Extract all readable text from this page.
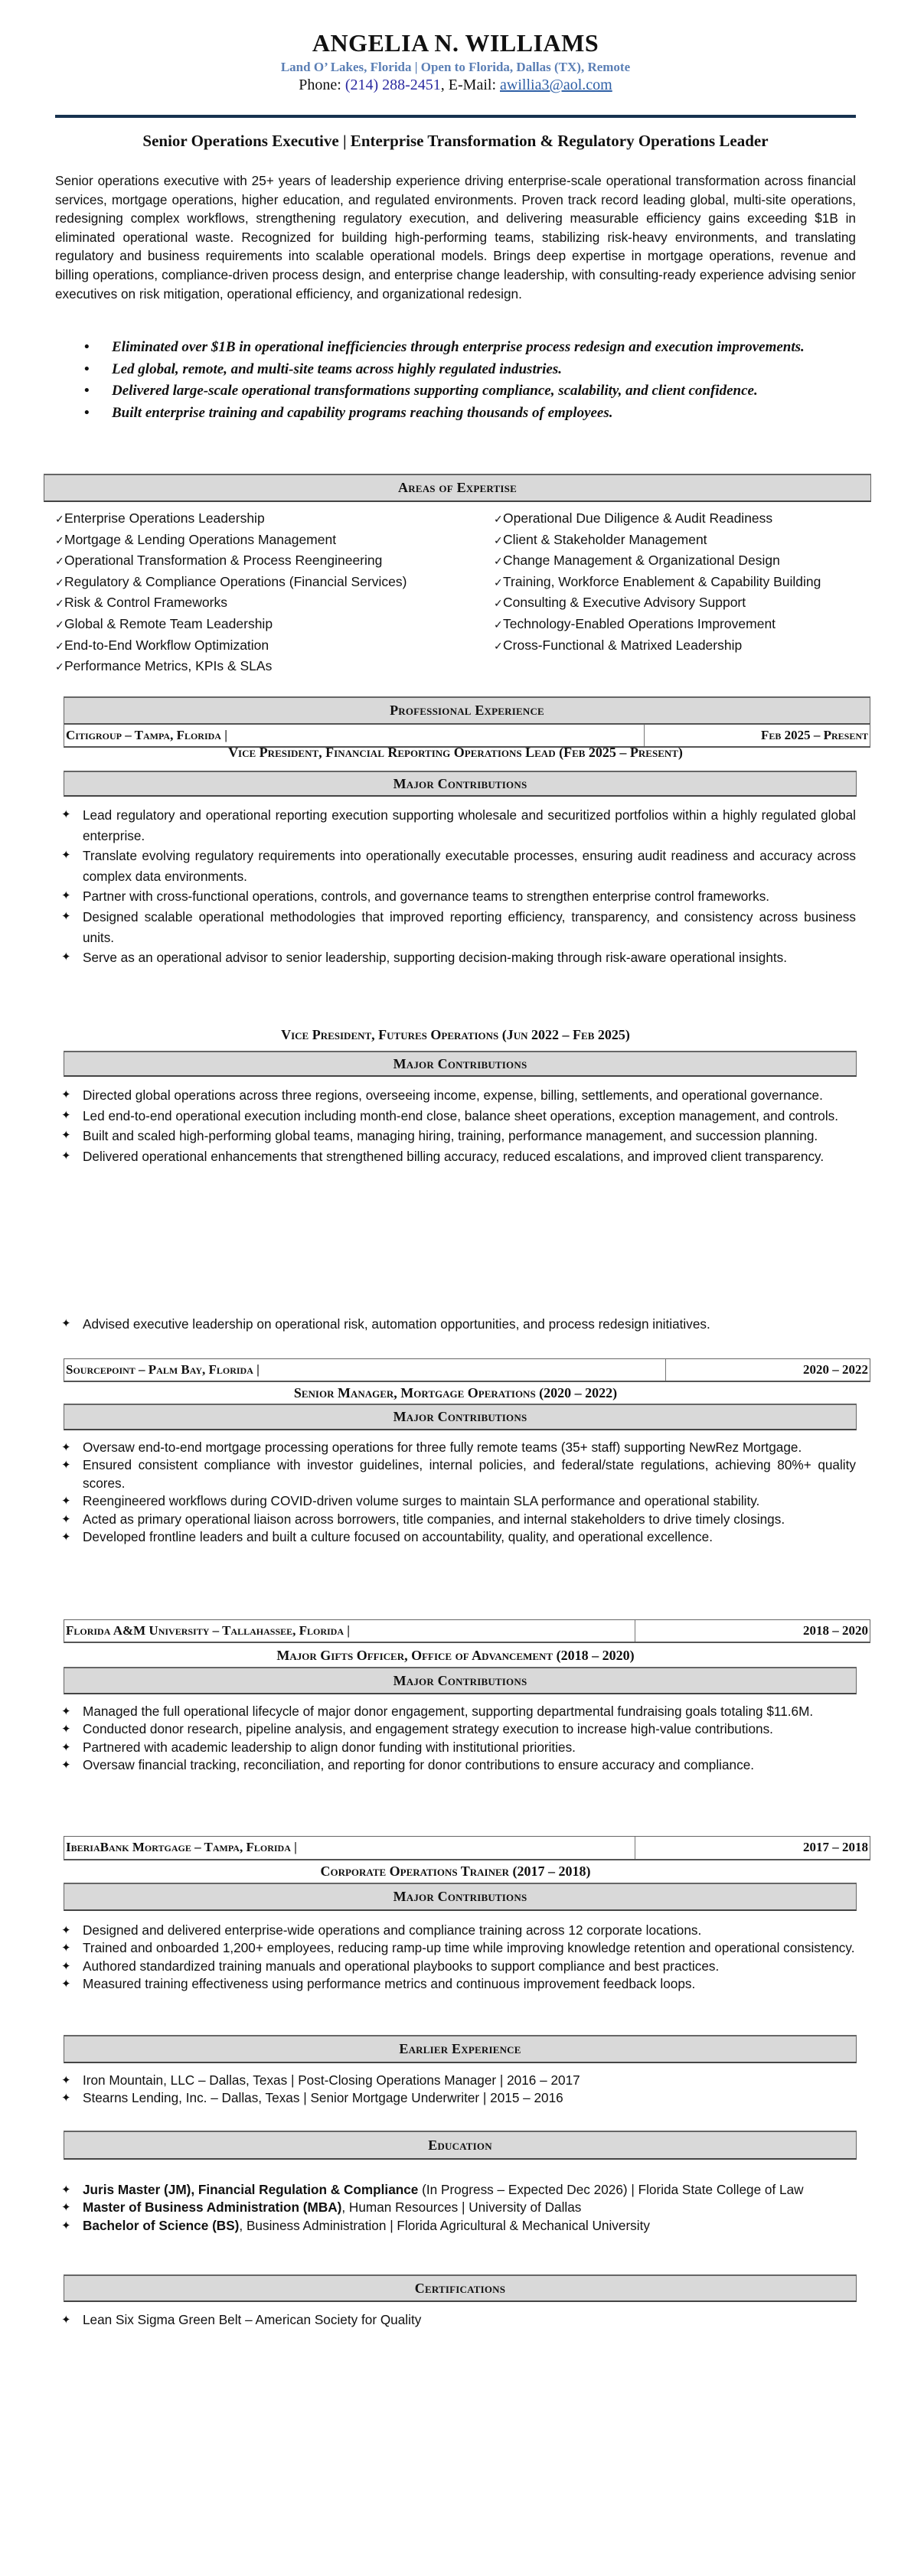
ANGELIA N. WILLIAMS
Land O’ Lakes, Florida | Open to Florida, Dallas (TX), Remote
Phone: (214) 288-2451, E-Mail: awillia3@aol.com
Senior Operations Executive | Enterprise Transformation & Regulatory Operations Leader
Senior operations executive with 25+ years of leadership experience driving enterprise-scale operational transformation across financial services, mortgage operations, higher education, and regulated environments. Proven track record leading global, multi-site operations, redesigning complex workflows, strengthening regulatory execution, and delivering measurable efficiency gains exceeding $1B in eliminated operational waste. Recognized for building high-performing teams, stabilizing risk-heavy environments, and translating regulatory and business requirements into scalable operational models. Brings deep expertise in mortgage operations, revenue and billing operations, compliance-driven process design, and enterprise change leadership, with consulting-ready experience advising senior executives on risk mitigation, operational efficiency, and organizational redesign.
• Eliminated over $1B in operational inefficiencies through enterprise process redesign and execution improvements.
• Led global, remote, and multi-site teams across highly regulated industries.
• Delivered large-scale operational transformations supporting compliance, scalability, and client confidence.
• Built enterprise training and capability programs reaching thousands of employees.
Areas of Expertise
✓Enterprise Operations Leadership
✓Mortgage & Lending Operations Management
✓Operational Transformation & Process Reengineering
✓Regulatory & Compliance Operations (Financial Services)
✓Risk & Control Frameworks
✓Global & Remote Team Leadership
✓End-to-End Workflow Optimization
✓Performance Metrics, KPIs & SLAs
✓Operational Due Diligence & Audit Readiness
✓Client & Stakeholder Management
✓Change Management & Organizational Design
✓Training, Workforce Enablement & Capability Building
✓Consulting & Executive Advisory Support
✓Technology-Enabled Operations Improvement
✓Cross-Functional & Matrixed Leadership
Professional Experience
Citigroup – Tampa, Florida |	Feb 2025 – Present
Vice President, Financial Reporting Operations Lead (Feb 2025 – Present)
Major Contributions
✦ Lead regulatory and operational reporting execution supporting wholesale and securitized portfolios within a highly regulated global enterprise.
✦ Translate evolving regulatory requirements into operationally executable processes, ensuring audit readiness and accuracy across complex data environments.
✦ Partner with cross-functional operations, controls, and governance teams to strengthen enterprise control frameworks.
✦ Designed scalable operational methodologies that improved reporting efficiency, transparency, and consistency across business units.
✦ Serve as an operational advisor to senior leadership, supporting decision-making through risk-aware operational insights.
Vice President, Futures Operations (Jun 2022 – Feb 2025)
Major Contributions
✦ Directed global operations across three regions, overseeing income, expense, billing, settlements, and operational governance.
✦ Led end-to-end operational execution including month-end close, balance sheet operations, exception management, and controls.
✦ Built and scaled high-performing global teams, managing hiring, training, performance management, and succession planning.
✦ Delivered operational enhancements that strengthened billing accuracy, reduced escalations, and improved client transparency.
✦ Advised executive leadership on operational risk, automation opportunities, and process redesign initiatives.
Sourcepoint – Palm Bay, Florida |	2020 – 2022
Senior Manager, Mortgage Operations (2020 – 2022)
Major Contributions
✦ Oversaw end-to-end mortgage processing operations for three fully remote teams (35+ staff) supporting NewRez Mortgage.
✦ Ensured consistent compliance with investor guidelines, internal policies, and federal/state regulations, achieving 80%+ quality scores.
✦ Reengineered workflows during COVID-driven volume surges to maintain SLA performance and operational stability.
✦ Acted as primary operational liaison across borrowers, title companies, and internal stakeholders to drive timely closings.
✦ Developed frontline leaders and built a culture focused on accountability, quality, and operational excellence.
Florida A&M University – Tallahassee, Florida |	2018 – 2020
Major Gifts Officer, Office of Advancement (2018 – 2020)
Major Contributions
✦ Managed the full operational lifecycle of major donor engagement, supporting departmental fundraising goals totaling $11.6M.
✦ Conducted donor research, pipeline analysis, and engagement strategy execution to increase high-value contributions.
✦ Partnered with academic leadership to align donor funding with institutional priorities.
✦ Oversaw financial tracking, reconciliation, and reporting for donor contributions to ensure accuracy and compliance.
IberiaBank Mortgage – Tampa, Florida |	2017 – 2018
Corporate Operations Trainer (2017 – 2018)
Major Contributions
✦ Designed and delivered enterprise-wide operations and compliance training across 12 corporate locations.
✦ Trained and onboarded 1,200+ employees, reducing ramp-up time while improving knowledge retention and operational consistency.
✦ Authored standardized training manuals and operational playbooks to support compliance and best practices.
✦ Measured training effectiveness using performance metrics and continuous improvement feedback loops.
Earlier Experience
✦ Iron Mountain, LLC – Dallas, Texas | Post-Closing Operations Manager | 2016 – 2017
✦ Stearns Lending, Inc. – Dallas, Texas | Senior Mortgage Underwriter | 2015 – 2016
Education
✦ Juris Master (JM), Financial Regulation & Compliance (In Progress – Expected Dec 2026) | Florida State College of Law
✦ Master of Business Administration (MBA), Human Resources | University of Dallas
✦ Bachelor of Science (BS), Business Administration | Florida Agricultural & Mechanical University
Certifications
✦ Lean Six Sigma Green Belt – American Society for Quality
